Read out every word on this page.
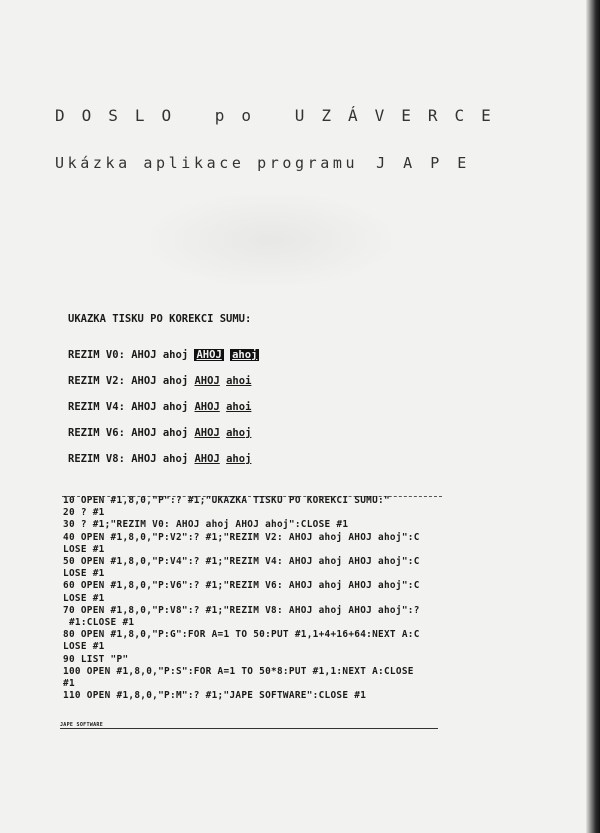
DOSLO po UZÁVERCE
Ukázka aplikace programu JAPE
UKAZKA TISKU PO KOREKCI SUMU:
REZIM V0: AHOJ ahoj AHOJ ahoj
REZIM V2: AHOJ ahoj AHOJ ahoi
REZIM V4: AHOJ ahoj AHOJ ahoi
REZIM V6: AHOJ ahoj AHOJ ahoj
REZIM V8: AHOJ ahoj AHOJ ahoj
10 OPEN #1,8,0,"P":? #1;"UKAZKA TISKU PO KOREKCI SUMU:"
20 ? #1
30 ? #1;"REZIM V0: AHOJ ahoj AHOJ ahoj":CLOSE #1
40 OPEN #1,8,0,"P:V2":? #1;"REZIM V2: AHOJ ahoj AHOJ ahoj":C
LOSE #1
50 OPEN #1,8,0,"P:V4":? #1;"REZIM V4: AHOJ ahoj AHOJ ahoj":C
LOSE #1
60 OPEN #1,8,0,"P:V6":? #1;"REZIM V6: AHOJ ahoj AHOJ ahoj":C
LOSE #1
70 OPEN #1,8,0,"P:V8":? #1;"REZIM V8: AHOJ ahoj AHOJ ahoj":?
#1:CLOSE #1
80 OPEN #1,8,0,"P:G":FOR A=1 TO 50:PUT #1,1+4+16+64:NEXT A:C
LOSE #1
90 LIST "P"
100 OPEN #1,8,0,"P:S":FOR A=1 TO 50*8:PUT #1,1:NEXT A:CLOSE
#1
110 OPEN #1,8,0,"P:M":? #1;"JAPE SOFTWARE":CLOSE #1
JAPE SOFTWARE
